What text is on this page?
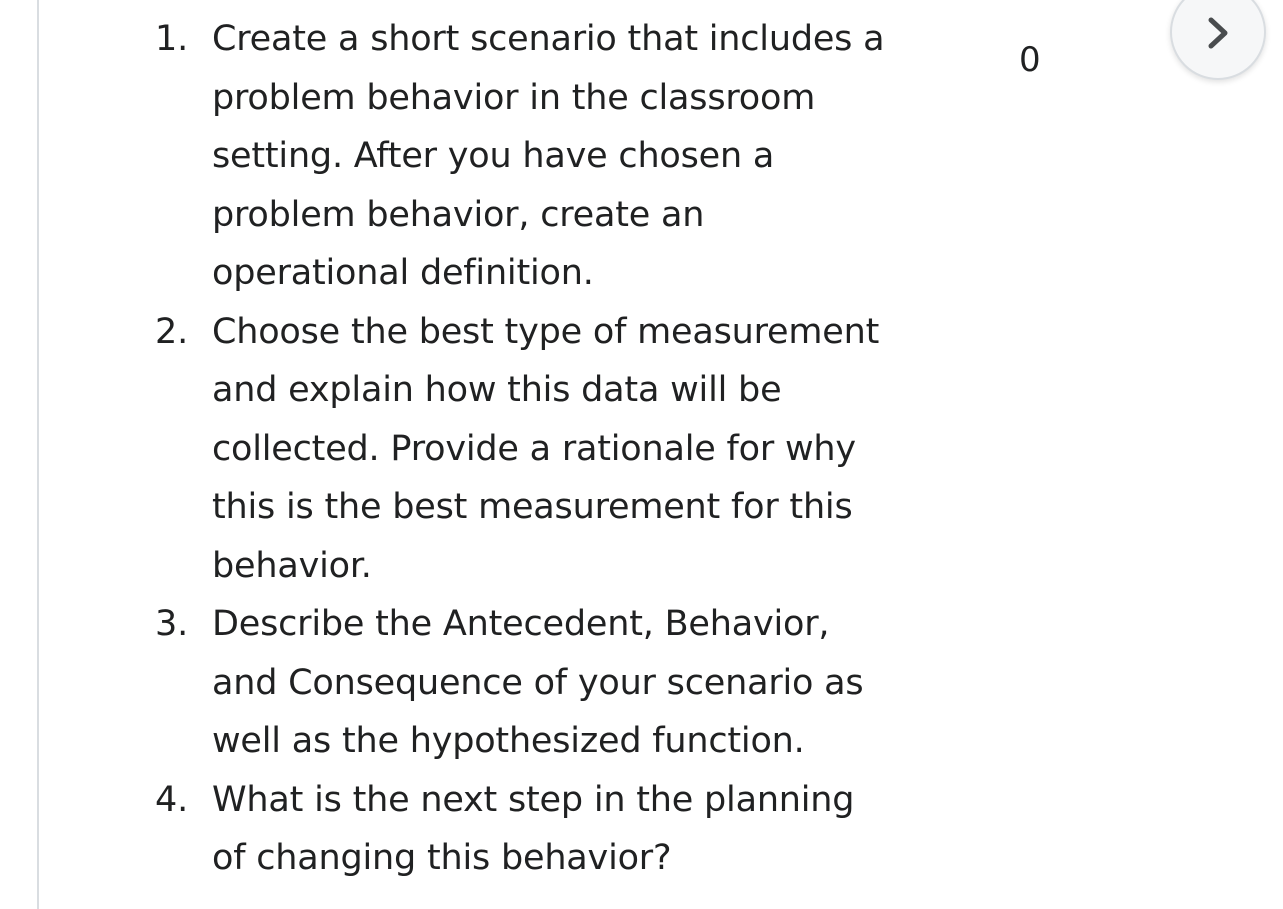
1. Create a short scenario that includes a
problem behavior in the classroom
setting. After you have chosen a
problem behavior, create an
operational definition.
2. Choose the best type of measurement
and explain how this data will be
collected. Provide a rationale for why
this is the best measurement for this
behavior.
3. Describe the Antecedent, Behavior,
and Consequence of your scenario as
well as the hypothesized function.
4. What is the next step in the planning
of changing this behavior?
0
